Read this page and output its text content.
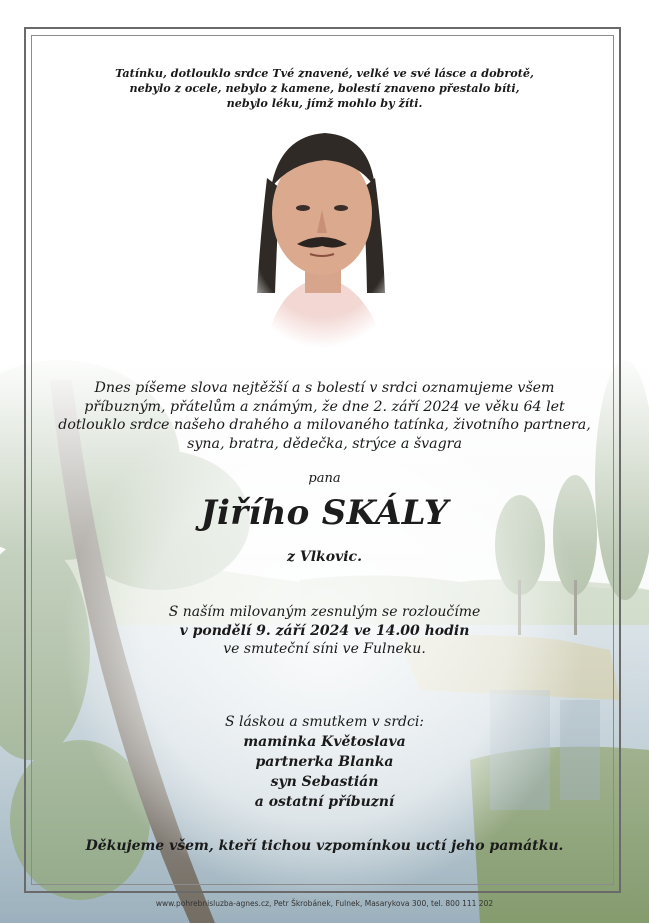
Tatínku, dotlouklo srdce Tvé znavené, velké ve své lásce a dobrotě,
nebylo z ocele, nebylo z kamene, bolestí znaveno přestalo bíti,
nebylo léku, jímž mohlo by žíti.
Dnes píšeme slova nejtěžší a s bolestí v srdci oznamujeme všem
příbuzným, přátelům a známým, že dne 2. září 2024 ve věku 64 let
dotlouklo srdce našeho drahého a milovaného tatínka, životního partnera,
syna, bratra, dědečka, strýce a švagra
pana
Jiřího SKÁLY
z Vlkovic.
S naším milovaným zesnulým se rozloučíme
v pondělí 9. září 2024 ve 14.00 hodin
ve smuteční síni ve Fulneku.
S láskou a smutkem v srdci:
maminka Květoslava
partnerka Blanka
syn Sebastián
a ostatní příbuzní
Děkujeme všem, kteří tichou vzpomínkou uctí jeho památku.
www.pohrebnisluzba-agnes.cz, Petr Škrobánek, Fulnek, Masarykova 300, tel. 800 111 202
